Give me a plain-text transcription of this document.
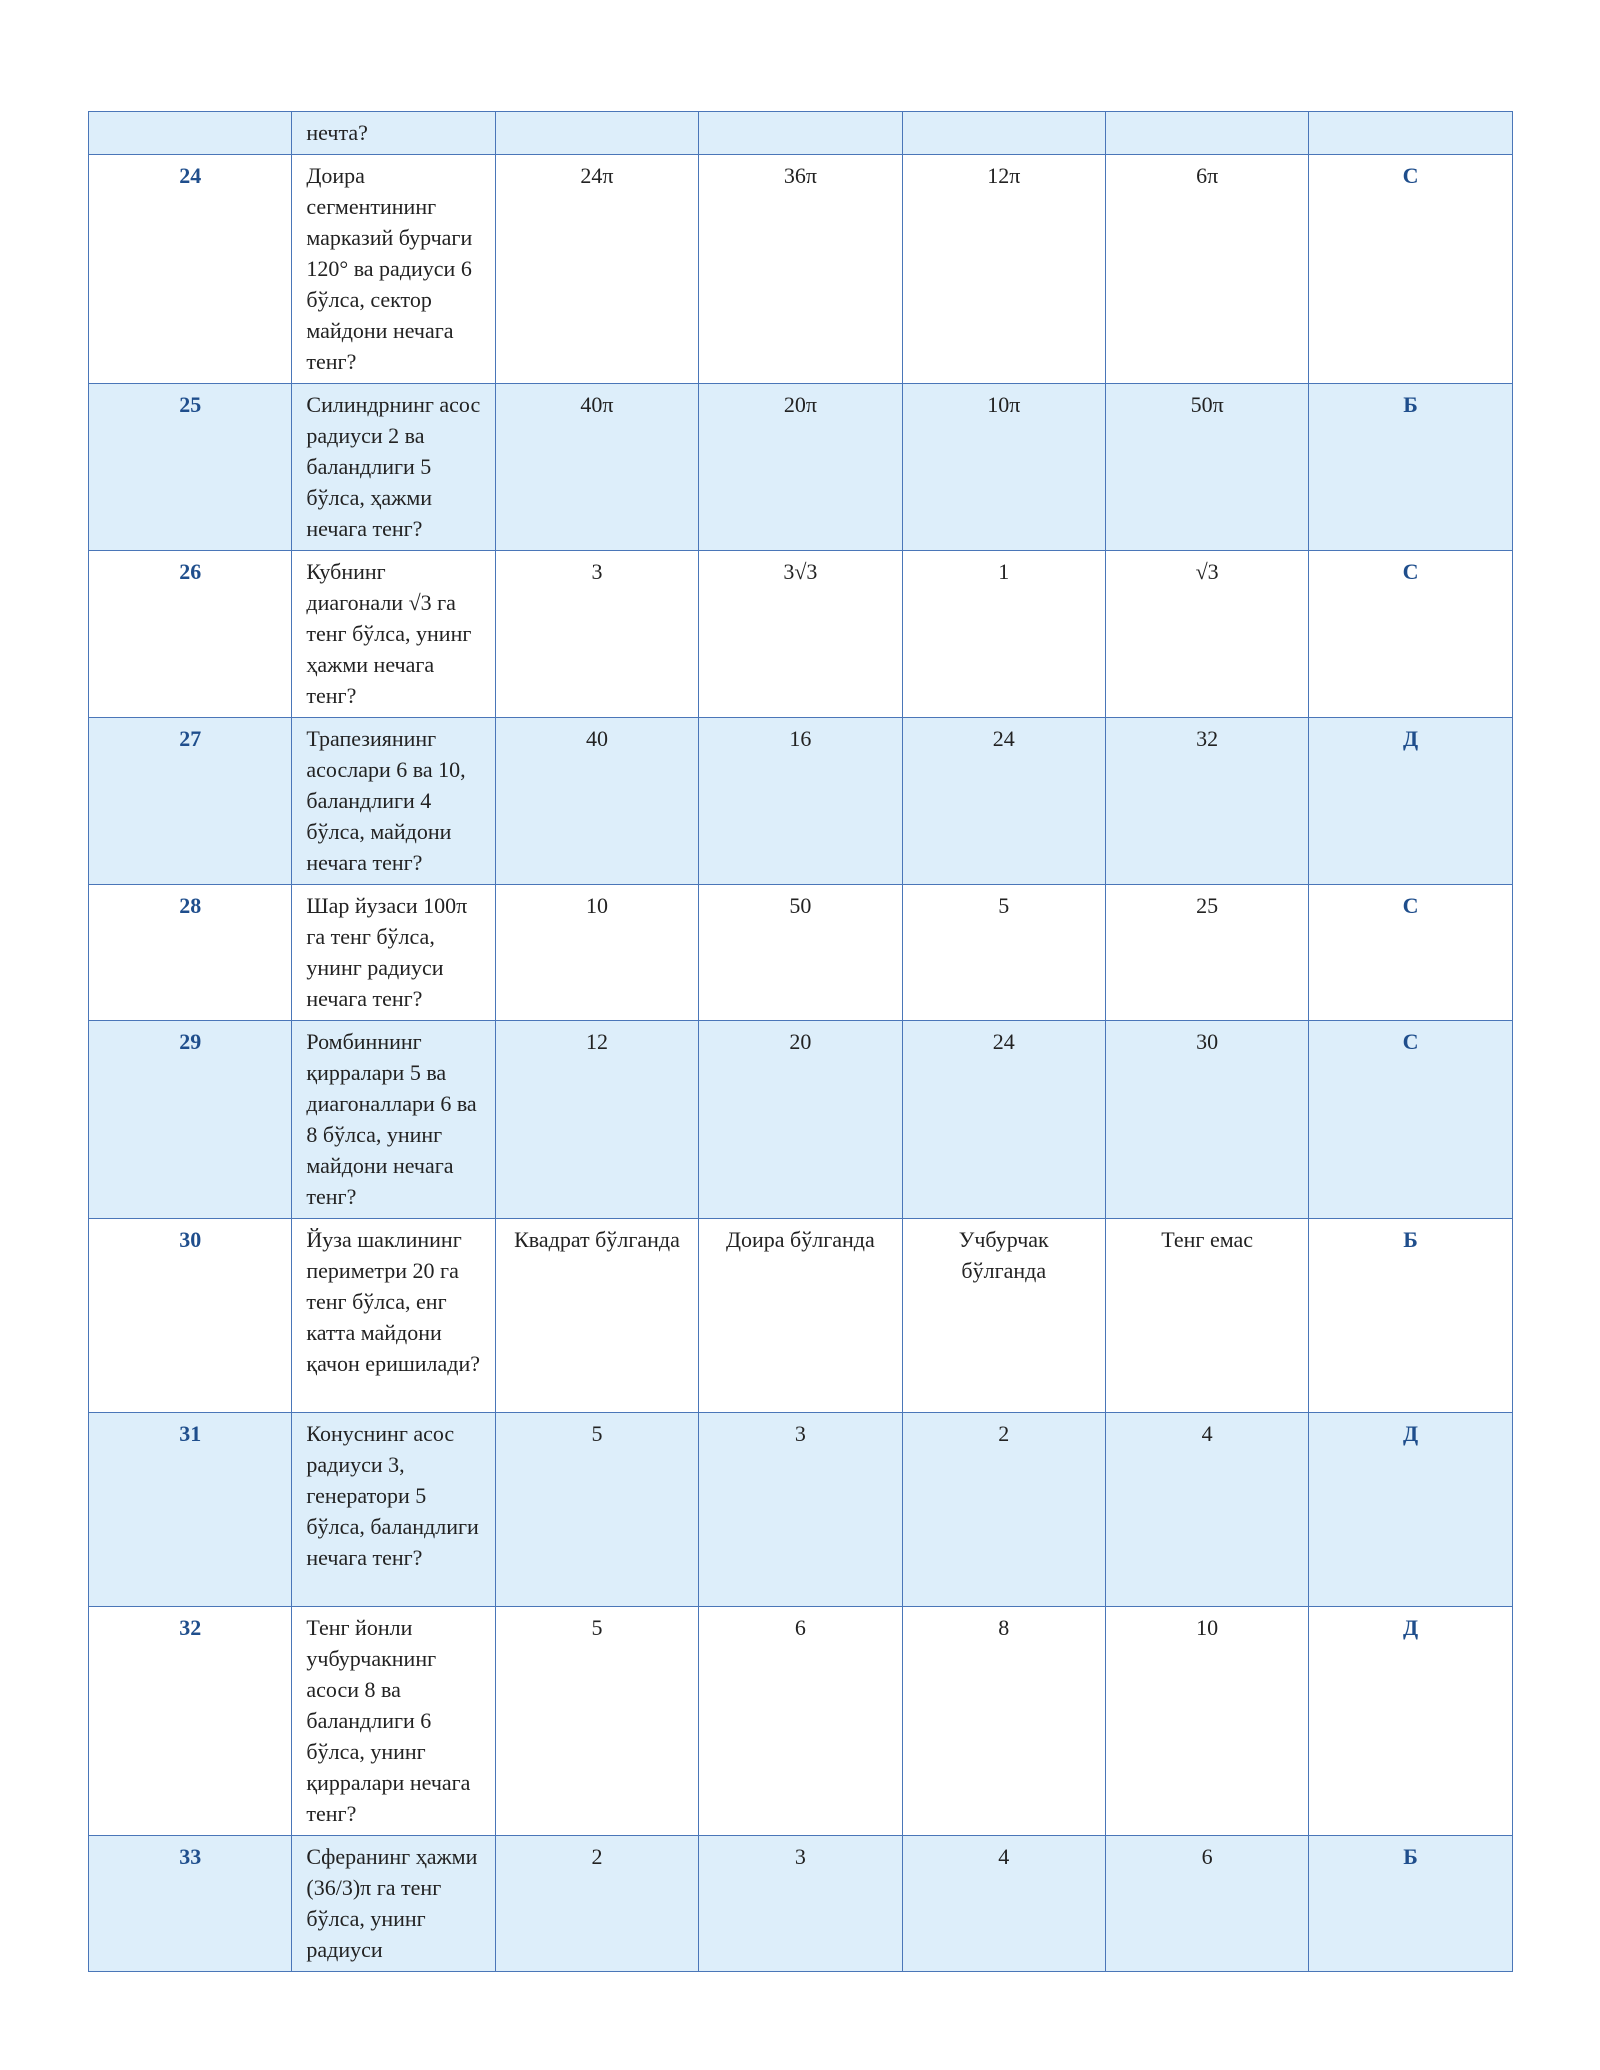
	нечта?					
24	Доира сегментининг марказий бурчаги 120° ва радиуси 6 бўлса, сектор майдони нечага тенг?	24π	36π	12π	6π	С
25	Силиндрнинг асос радиуси 2 ва баландлиги 5 бўлса, ҳажми нечага тенг?	40π	20π	10π	50π	Б
26	Кубнинг диагонали √3 га тенг бўлса, унинг ҳажми нечага тенг?	3	3√3	1	√3	С
27	Трапезиянинг асослари 6 ва 10, баландлиги 4 бўлса, майдони нечага тенг?	40	16	24	32	Д
28	Шар йузаси 100π га тенг бўлса, унинг радиуси нечага тенг?	10	50	5	25	С
29	Ромбиннинг қирралари 5 ва диагоналлари 6 ва 8 бўлса, унинг майдони нечага тенг?	12	20	24	30	С
30	Йуза шаклининг периметри 20 га тенг бўлса, енг катта майдони қачон еришилади?	Квадрат бўлганда	Доира бўлганда	Учбурчак бўлганда	Тенг емас	Б
31	Конуснинг асос радиуси 3, генератори 5 бўлса, баландлиги нечага тенг?	5	3	2	4	Д
32	Тенг йонли учбурчакнинг асоси 8 ва баландлиги 6 бўлса, унинг қирралари нечага тенг?	5	6	8	10	Д
33	Сферанинг ҳажми (36/3)π га тенг бўлса, унинг радиуси	2	3	4	6	Б
